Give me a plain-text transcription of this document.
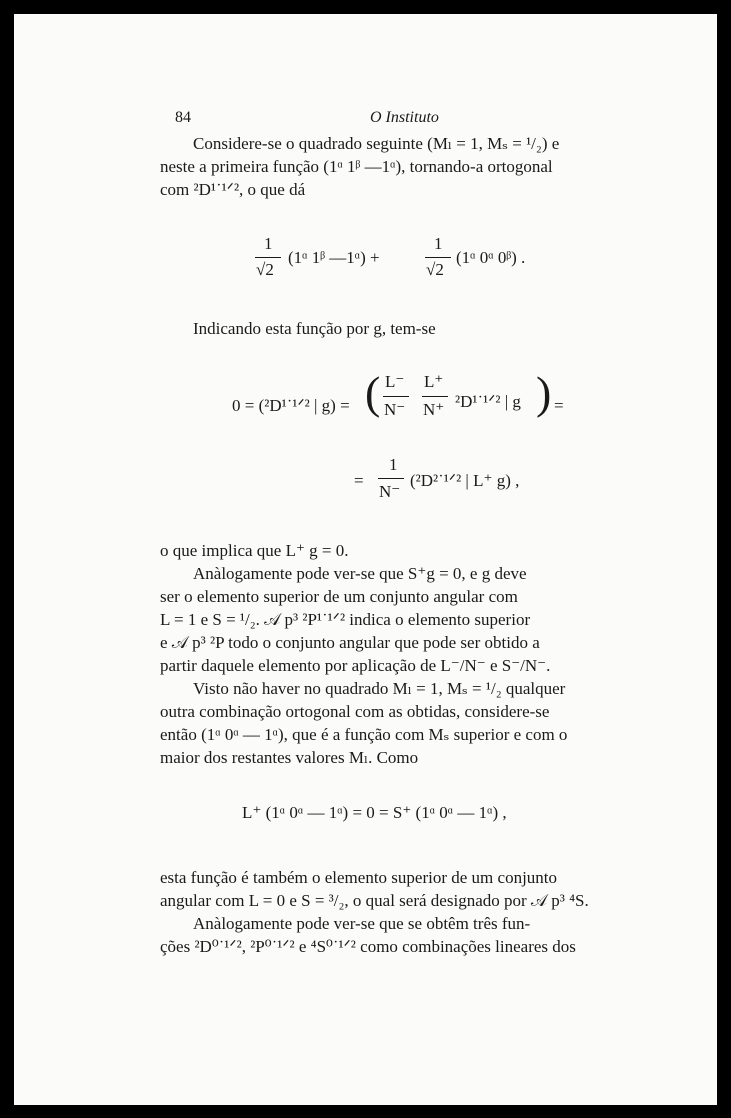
84	O Instituto
Considere-se o quadrado seguinte (Mₗ = 1, Mₛ = ¹/₂) e
neste a primeira função (1ᵅ 1ᵝ —1ᵅ), tornando-a ortogonal
com ²D¹˙¹ᐟ², o que dá
1
√2
(1ᵅ 1ᵝ —1ᵅ) +
1
√2
(1ᵅ 0ᵅ 0ᵝ) .
Indicando esta função por g, tem-se
0 = (²D¹˙¹ᐟ² | g) = ( L⁻
N⁻
L⁺
N⁺ ²D¹˙¹ᐟ² | g ) =
=
1
N⁻
(²D²˙¹ᐟ² | L⁺ g) ,
o que implica que L⁺ g = 0.
Anàlogamente pode ver-se que S⁺g = 0, e g deve
ser o elemento superior de um conjunto angular com
L = 1 e S = ¹/₂. 𝒜 p³ ²P¹˙¹ᐟ² indica o elemento superior
e 𝒜 p³ ²P todo o conjunto angular que pode ser obtido a
partir daquele elemento por aplicação de L⁻/N⁻ e S⁻/N⁻.
Visto não haver no quadrado Mₗ = 1, Mₛ = ¹/₂ qualquer
outra combinação ortogonal com as obtidas, considere-se
então (1ᵅ 0ᵅ — 1ᵅ), que é a função com Mₛ superior e com o
maior dos restantes valores Mₗ. Como
L⁺ (1ᵅ 0ᵅ — 1ᵅ) = 0 = S⁺ (1ᵅ 0ᵅ — 1ᵅ) ,
esta função é também o elemento superior de um conjunto
angular com L = 0 e S = ³/₂, o qual será designado por 𝒜 p³ ⁴S.
Anàlogamente pode ver-se que se obtêm três fun-
ções ²D⁰˙¹ᐟ², ²P⁰˙¹ᐟ² e ⁴S⁰˙¹ᐟ² como combinações lineares dos
